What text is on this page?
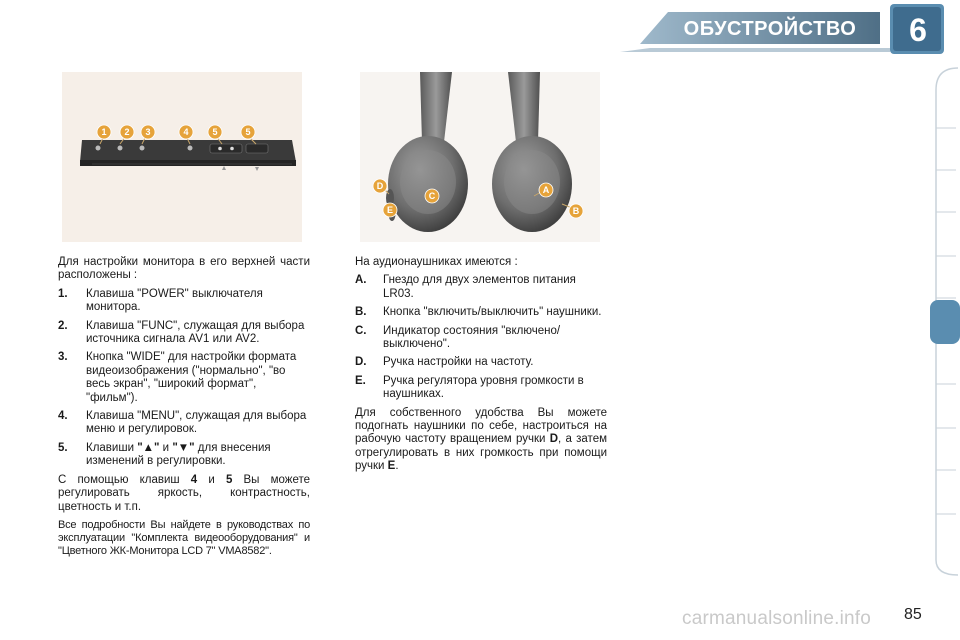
ОБУСТРОЙСТВО	6
1 2 3	4	5	5
D
E
C
A
B

Для настройки монитора в его верхней части расположены :

1.	Клавиша "POWER" выключателя монитора.
2.	Клавиша "FUNC", служащая для выбора источника сигнала AV1 или AV2.
3.	Кнопка "WIDE" для настройки формата видеоизображения ("нормально", "во весь экран", "широкий формат", "фильм").
4.	Клавиша "MENU", служащая для выбора меню и регулировок.
5.	Клавиши "▲" и "▼" для внесения изменений в регулировки.

С помощью клавиш 4 и 5 Вы можете регулировать яркость, контрастность, цветность и т.п.

Все подробности Вы найдете в руководствах по эксплуатации "Комплекта видеооборудования" и "Цветного ЖК-Монитора LCD 7" VMA8582".

На аудионаушниках имеются :

A.	Гнездо для двух элементов питания LR03.
B.	Кнопка "включить/выключить" наушники.
C.	Индикатор состояния "включено/выключено".
D.	Ручка настройки на частоту.
E.	Ручка регулятора уровня громкости в наушниках.

Для собственного удобства Вы можете подогнать наушники по себе, настроиться на рабочую частоту вращением ручки D, а затем отрегулировать в них громкость при помощи ручки E.

carmanualsonline.info 85
